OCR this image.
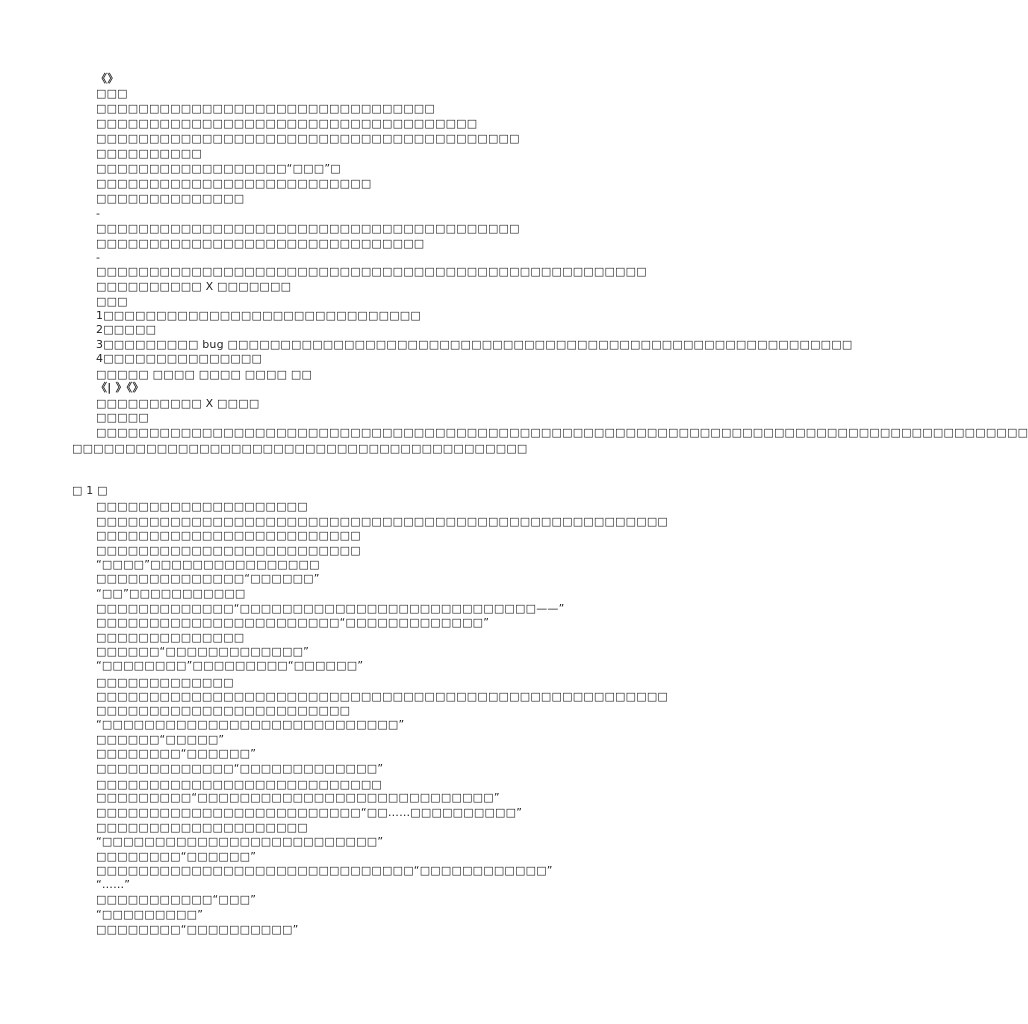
《》
□□□
□□□□□□□□□□□□□□□□□□□□□□□□□□□□□□□□
□□□□□□□□□□□□□□□□□□□□□□□□□□□□□□□□□□□□
□□□□□□□□□□□□□□□□□□□□□□□□□□□□□□□□□□□□□□□□
□□□□□□□□□□
□□□□□□□□□□□□□□□□□□“□□□”□
□□□□□□□□□□□□□□□□□□□□□□□□□□
□□□□□□□□□□□□□□
-
□□□□□□□□□□□□□□□□□□□□□□□□□□□□□□□□□□□□□□□□
□□□□□□□□□□□□□□□□□□□□□□□□□□□□□□□
-
□□□□□□□□□□□□□□□□□□□□□□□□□□□□□□□□□□□□□□□□□□□□□□□□□□□□
□□□□□□□□□□ X □□□□□□□
□□□
1□□□□□□□□□□□□□□□□□□□□□□□□□□□□□□
2□□□□□
3□□□□□□□□□ bug □□□□□□□□□□□□□□□□□□□□□□□□□□□□□□□□□□□□□□□□□□□□□□□□□□□□□□□□□□□
4□□□□□□□□□□□□□□□
□□□□□ □□□□ □□□□ □□□□ □□
《| 》《》
□□□□□□□□□□ X □□□□
□□□□□
□□□□□□□□□□□□□□□□□□□□□□□□□□□□□□□□□□□□□□□□□□□□□□□□□□□□□□□□□□□□□□□□□□□□□□□□□□□□□□□□□□□□□□□□
□□□□□□□□□□□□□□□□□□□□□□□□□□□□□□□□□□□□□□□□□□□
□ 1 □
□□□□□□□□□□□□□□□□□□□□
□□□□□□□□□□□□□□□□□□□□□□□□□□□□□□□□□□□□□□□□□□□□□□□□□□□□□□
□□□□□□□□□□□□□□□□□□□□□□□□□
□□□□□□□□□□□□□□□□□□□□□□□□□
“□□□□”□□□□□□□□□□□□□□□□
□□□□□□□□□□□□□□“□□□□□□”
“□□”□□□□□□□□□□□
□□□□□□□□□□□□□“□□□□□□□□□□□□□□□□□□□□□□□□□□□□——”
□□□□□□□□□□□□□□□□□□□□□□□“□□□□□□□□□□□□□”
□□□□□□□□□□□□□□
□□□□□□“□□□□□□□□□□□□□”
“□□□□□□□□”□□□□□□□□□“□□□□□□”
□□□□□□□□□□□□□
□□□□□□□□□□□□□□□□□□□□□□□□□□□□□□□□□□□□□□□□□□□□□□□□□□□□□□
□□□□□□□□□□□□□□□□□□□□□□□□
“□□□□□□□□□□□□□□□□□□□□□□□□□□□□”
□□□□□□“□□□□□”
□□□□□□□□“□□□□□□”
□□□□□□□□□□□□□“□□□□□□□□□□□□□”
□□□□□□□□□□□□□□□□□□□□□□□□□□□
□□□□□□□□□“□□□□□□□□□□□□□□□□□□□□□□□□□□□□”
□□□□□□□□□□□□□□□□□□□□□□□□□“□□……□□□□□□□□□□”
□□□□□□□□□□□□□□□□□□□□
“□□□□□□□□□□□□□□□□□□□□□□□□□□”
□□□□□□□□“□□□□□□”
□□□□□□□□□□□□□□□□□□□□□□□□□□□□□□“□□□□□□□□□□□□”
“……”
□□□□□□□□□□□“□□□”
“□□□□□□□□□”
□□□□□□□□“□□□□□□□□□□”
